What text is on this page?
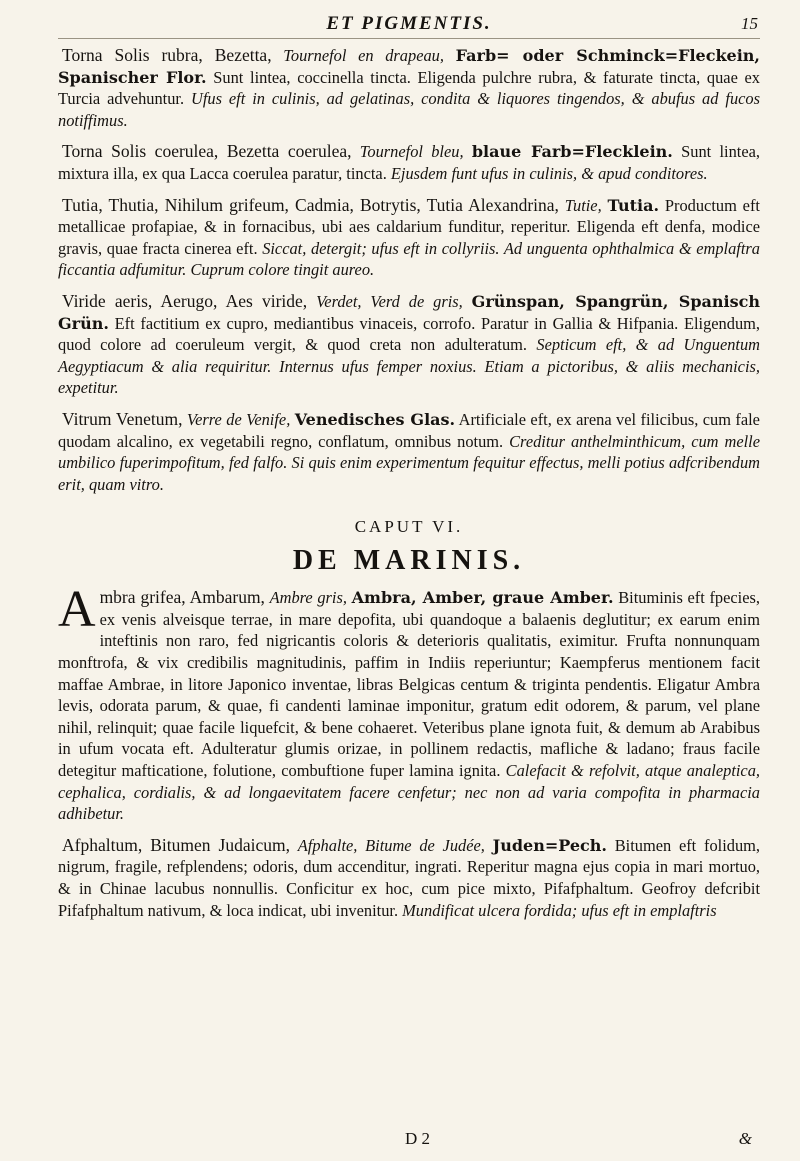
ET PIGMENTIS.	15

Torna Solis rubra, Bezetta, Tournefol en drapeau, Farb= oder Schminck=Fleckein, Spanischer Flor. Sunt lintea, coccinella tincta. Eligenda pulchre rubra, & faturate tincta, quae ex Turcia advehuntur. Ufus eft in culinis, ad gelatinas, condita & liquores tingendos, & abufus ad fucos notiffimus.

Torna Solis coerulea, Bezetta coerulea, Tournefol bleu, blaue Farb=Flecklein. Sunt lintea, mixtura illa, ex qua Lacca coerulea paratur, tincta. Ejusdem funt ufus in culinis, & apud conditores.

Tutia, Thutia, Nihilum grifeum, Cadmia, Botrytis, Tutia Alexandrina, Tutie, Tutia. Productum eft metallicae profapiae, & in fornacibus, ubi aes caldarium funditur, reperitur. Eligenda eft denfa, modice gravis, quae fracta cinerea eft. Siccat, detergit; ufus eft in collyriis. Ad unguenta ophthalmica & emplaftra ficcantia adfumitur. Cuprum colore tingit aureo.

Viride aeris, Aerugo, Aes viride, Verdet, Verd de gris, Grünspan, Spangrün, Spanisch Grün. Eft factitium ex cupro, mediantibus vinaceis, corrofo. Paratur in Gallia & Hifpania. Eligendum, quod colore ad coeruleum vergit, & quod creta non adulteratum. Septicum eft, & ad Unguentum Aegyptiacum & alia requiritur. Internus ufus femper noxius. Etiam a pictoribus, & aliis mechanicis, expetitur.

Vitrum Venetum, Verre de Venife, Venedisches Glas. Artificiale eft, ex arena vel filicibus, cum fale quodam alcalino, ex vegetabili regno, conflatum, omnibus notum. Creditur anthelminthicum, cum melle umbilico fuperimpofitum, fed falfo. Si quis enim experimentum fequitur effectus, melli potius adfcribendum erit, quam vitro.

CAPUT VI.
DE MARINIS.

A mbra grifea, Ambarum, Ambre gris, Ambra, Amber, graue Amber. Bituminis eft fpecies, ex venis alveisque terrae, in mare depofita, ubi quandoque a balaenis deglutitur; ex earum enim inteftinis non raro, fed nigricantis coloris & deterioris qualitatis, eximitur. Frufta nonnunquam monftrofa, & vix credibilis magnitudinis, paffim in Indiis reperiuntur; Kaempferus mentionem facit maffae Ambrae, in litore Japonico inventae, libras Belgicas centum & triginta pendentis. Eligatur Ambra levis, odorata parum, & quae, fi candenti laminae imponitur, gratum edit odorem, & parum, vel plane nihil, relinquit; quae facile liquefcit, & bene cohaeret. Veteribus plane ignota fuit, & demum ab Arabibus in ufum vocata eft. Adulteratur glumis orizae, in pollinem redactis, mafliche & ladano; fraus facile detegitur mafticatione, folutione, combuftione fuper lamina ignita. Calefacit & refolvit, atque analeptica, cephalica, cordialis, & ad longaevitatem facere cenfetur; nec non ad varia compofita in pharmacia adhibetur.

Afphaltum, Bitumen Judaicum, Afphalte, Bitume de Judée, Juden=Pech. Bitumen eft folidum, nigrum, fragile, refplendens; odoris, dum accenditur, ingrati. Reperitur magna ejus copia in mari mortuo, & in Chinae lacubus nonnullis. Conficitur ex hoc, cum pice mixto, Pifafphaltum. Geofroy defcribit Pifafphaltum nativum, & loca indicat, ubi invenitur. Mundificat ulcera fordida; ufus eft in emplaftris

D 2	&
